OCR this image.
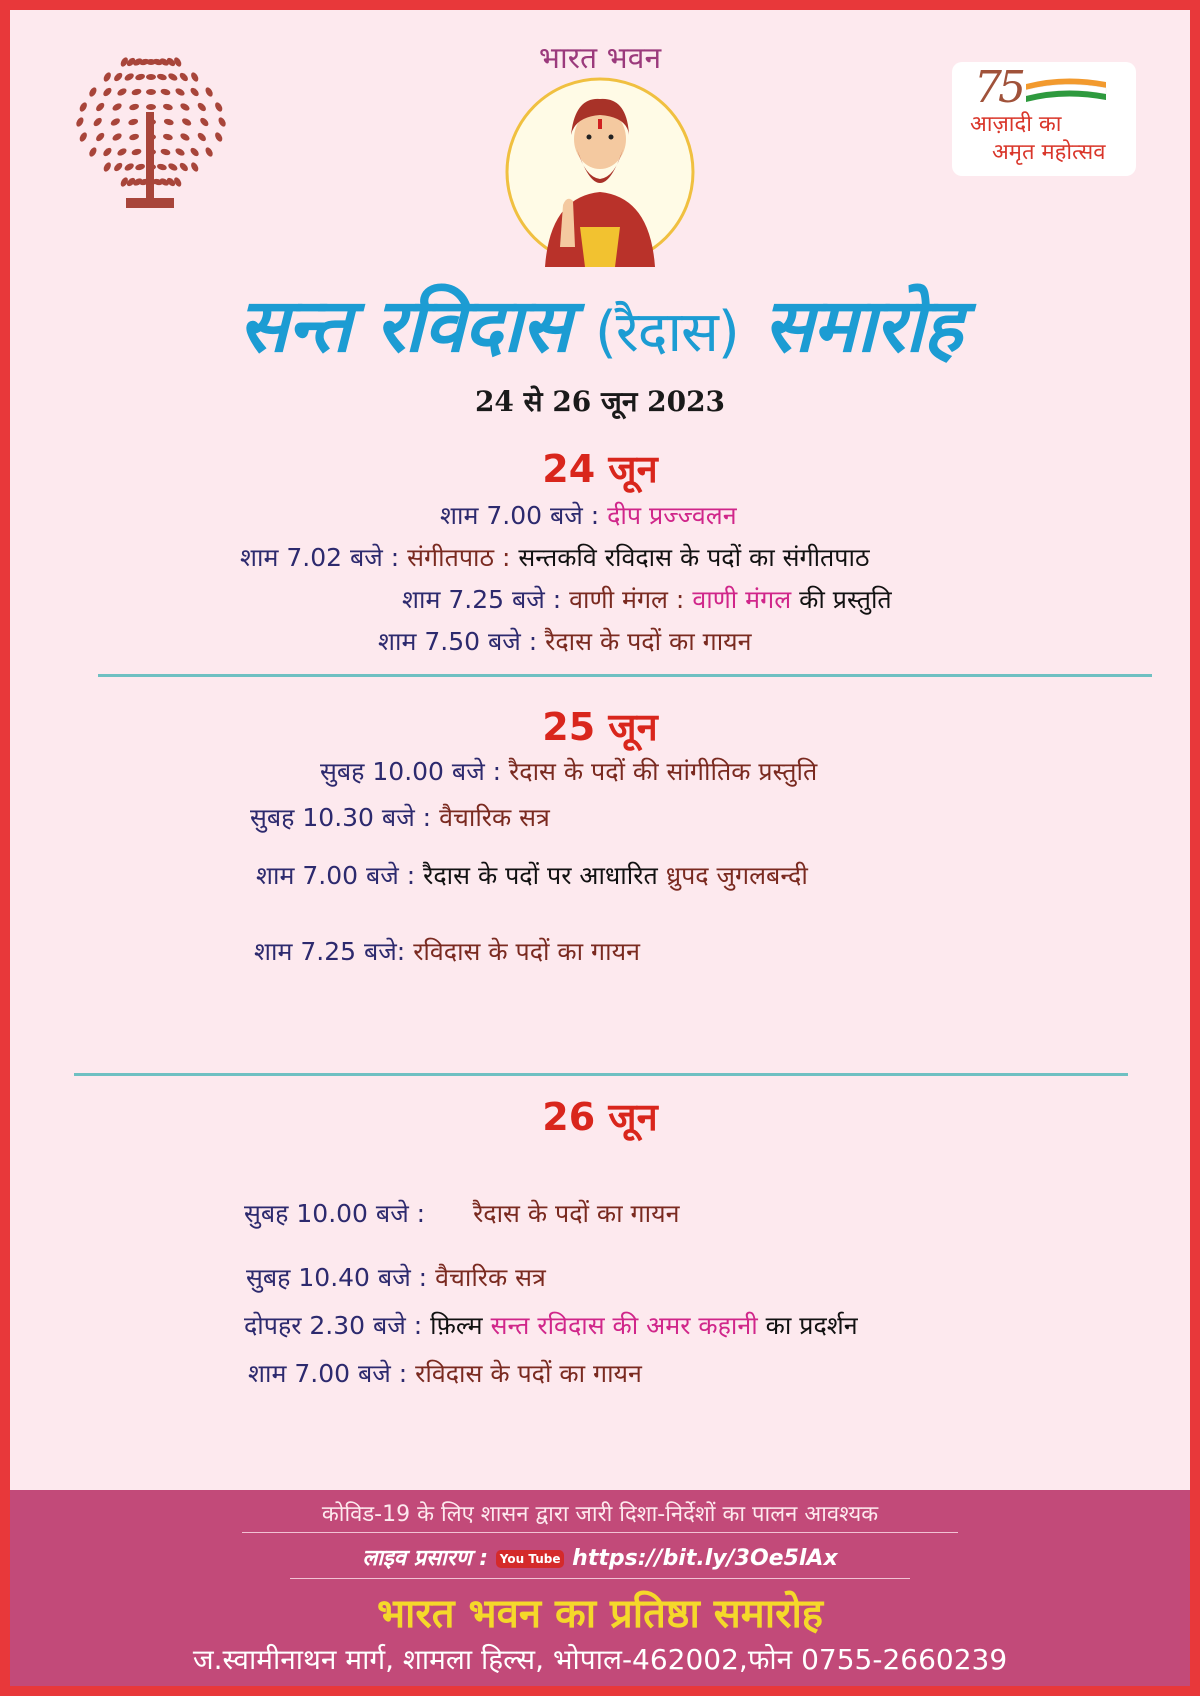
भारत भवन
75
आज़ादी का
अमृत महोत्सव
सन्त रविदास (रैदास) समारोह
24 से 26 जून 2023
24 जून
शाम 7.00 बजे : दीप प्रज्ज्वलन
शाम 7.02 बजे : संगीतपाठ : सन्तकवि रविदास के पदों का संगीतपाठ
शाम 7.25 बजे : वाणी मंगल : वाणी मंगल की प्रस्तुति
शाम 7.50 बजे : रैदास के पदों का गायन
25 जून
सुबह 10.00 बजे : रैदास के पदों की सांगीतिक प्रस्तुति
सुबह 10.30 बजे : वैचारिक सत्र
शाम 7.00 बजे : रैदास के पदों पर आधारित ध्रुपद जुगलबन्दी
शाम 7.25 बजे: रविदास के पदों का गायन
26 जून
सुबह 10.00 बजे : रैदास के पदों का गायन
सुबह 10.40 बजे : वैचारिक सत्र
दोपहर 2.30 बजे : फ़िल्म सन्त रविदास की अमर कहानी का प्रदर्शन
शाम 7.00 बजे : रविदास के पदों का गायन
कोविड-19 के लिए शासन द्वारा जारी दिशा-निर्देशों का पालन आवश्यक
लाइव प्रसारण : You Tube https://bit.ly/3Oe5lAx
भारत भवन का प्रतिष्ठा समारोह
ज.स्वामीनाथन मार्ग, शामला हिल्स, भोपाल-462002,फोन 0755-2660239
